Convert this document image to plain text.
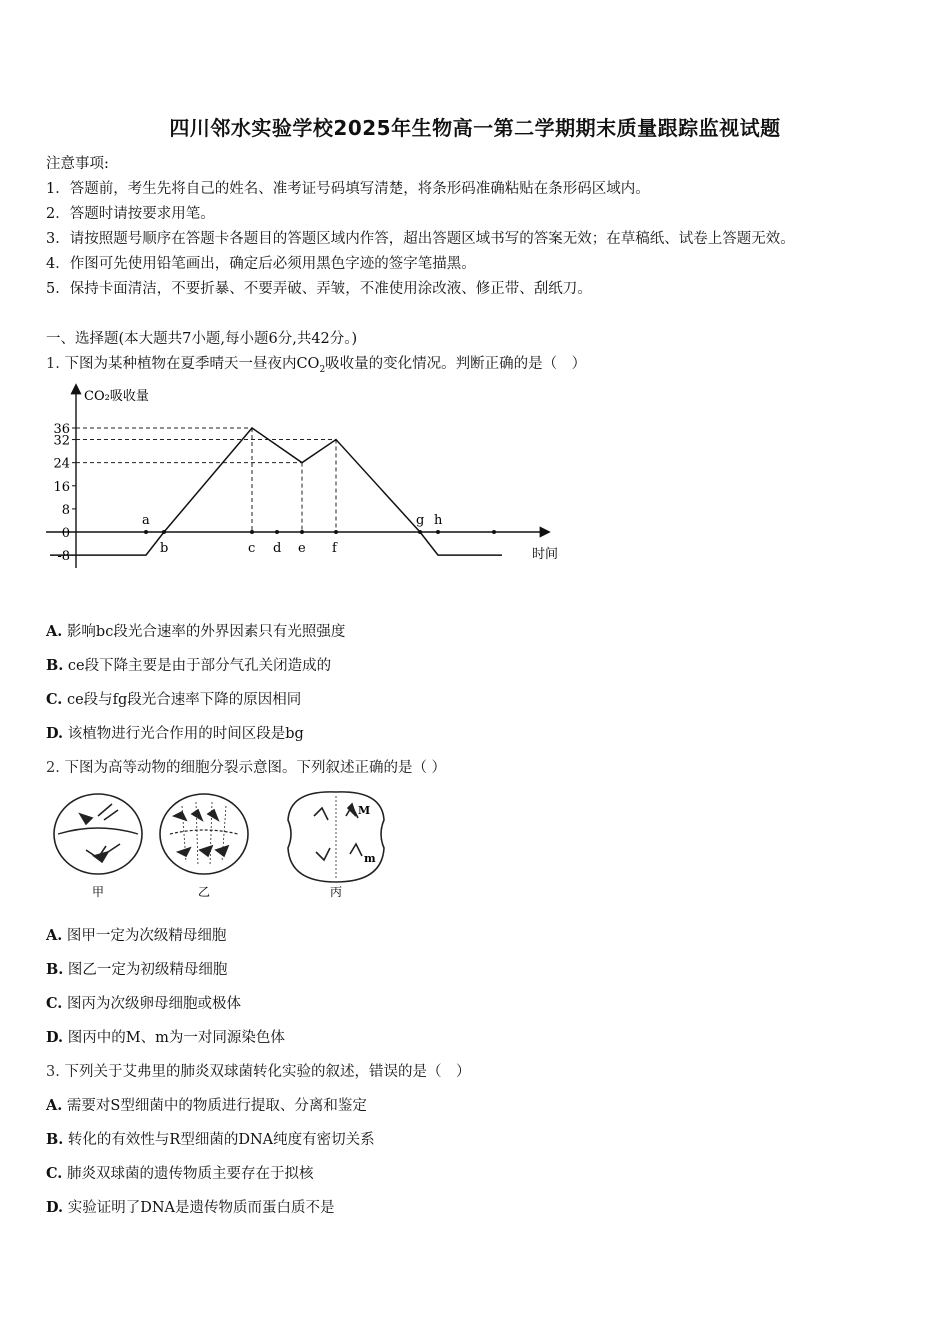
四川邻水实验学校2025年生物高一第二学期期末质量跟踪监视试题
注意事项:
1．答题前，考生先将自己的姓名、准考证号码填写清楚，将条形码准确粘贴在条形码区域内。
2．答题时请按要求用笔。
3．请按照题号顺序在答题卡各题目的答题区域内作答，超出答题区域书写的答案无效；在草稿纸、试卷上答题无效。
4．作图可先使用铅笔画出，确定后必须用黑色字迹的签字笔描黑。
5．保持卡面清洁，不要折暴、不要弄破、弄皱，不准使用涂改液、修正带、刮纸刀。
一、选择题(本大题共7小题,每小题6分,共42分。)
1. 下图为某种植物在夏季晴天一昼夜内$CO_2$吸收量的变化情况。判断正确的是（　）
36
32
24
16
8
0
-8
a
b	c d e f
g h
CO₂吸收量
时间
A. 影响bc段光合速率的外界因素只有光照强度
B. ce段下降主要是由于部分气孔关闭造成的
C. ce段与fg段光合速率下降的原因相同
D. 该植物进行光合作用的时间区段是bg
2. 下图为高等动物的细胞分裂示意图。下列叙述正确的是（ ）
甲	乙
M
m
丙
A. 图甲一定为次级精母细胞
B. 图乙一定为初级精母细胞
C. 图丙为次级卵母细胞或极体
D. 图丙中的M、m为一对同源染色体
3. 下列关于艾弗里的肺炎双球菌转化实验的叙述，错误的是（　）
A. 需要对S型细菌中的物质进行提取、分离和鉴定
B. 转化的有效性与R型细菌的DNA纯度有密切关系
C. 肺炎双球菌的遗传物质主要存在于拟核
D. 实验证明了DNA是遗传物质而蛋白质不是
